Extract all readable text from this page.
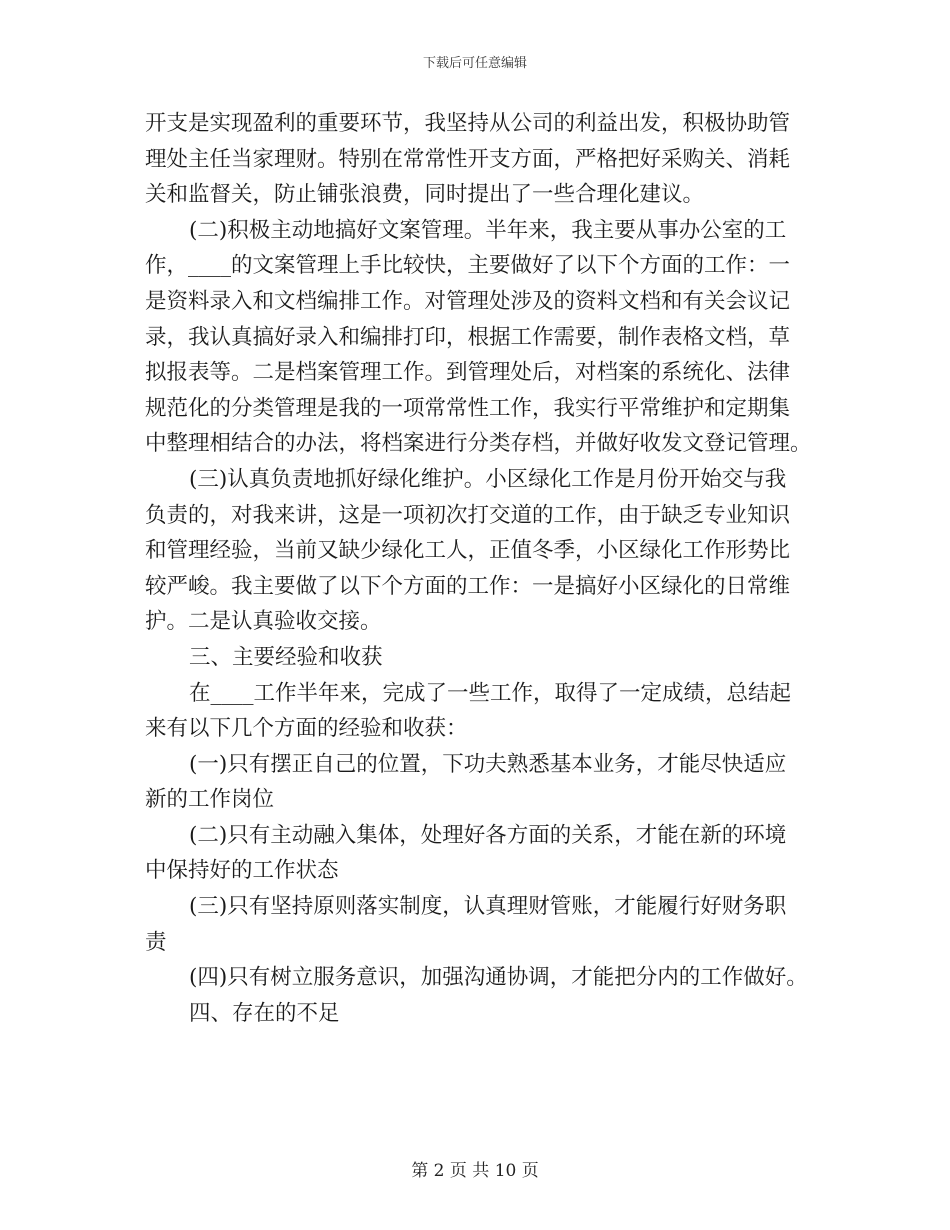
下载后可任意编辑
开支是实现盈利的重要环节，我坚持从公司的利益出发，积极协助管
理处主任当家理财。特别在常常性开支方面，严格把好采购关、消耗
关和监督关，防止铺张浪费，同时提出了一些合理化建议。
(二)积极主动地搞好文案管理。半年来，我主要从事办公室的工
作，____的文案管理上手比较快，主要做好了以下个方面的工作：一
是资料录入和文档编排工作。对管理处涉及的资料文档和有关会议记
录，我认真搞好录入和编排打印，根据工作需要，制作表格文档，草
拟报表等。二是档案管理工作。到管理处后，对档案的系统化、法律
规范化的分类管理是我的一项常常性工作，我实行平常维护和定期集
中整理相结合的办法，将档案进行分类存档，并做好收发文登记管理。
(三)认真负责地抓好绿化维护。小区绿化工作是月份开始交与我
负责的，对我来讲，这是一项初次打交道的工作，由于缺乏专业知识
和管理经验，当前又缺少绿化工人，正值冬季，小区绿化工作形势比
较严峻。我主要做了以下个方面的工作：一是搞好小区绿化的日常维
护。二是认真验收交接。
三、主要经验和收获
在____工作半年来，完成了一些工作，取得了一定成绩，总结起
来有以下几个方面的经验和收获：
(一)只有摆正自己的位置，下功夫熟悉基本业务，才能尽快适应
新的工作岗位
(二)只有主动融入集体，处理好各方面的关系，才能在新的环境
中保持好的工作状态
(三)只有坚持原则落实制度，认真理财管账，才能履行好财务职
责
(四)只有树立服务意识，加强沟通协调，才能把分内的工作做好。
四、存在的不足
第 2 页 共 10 页
